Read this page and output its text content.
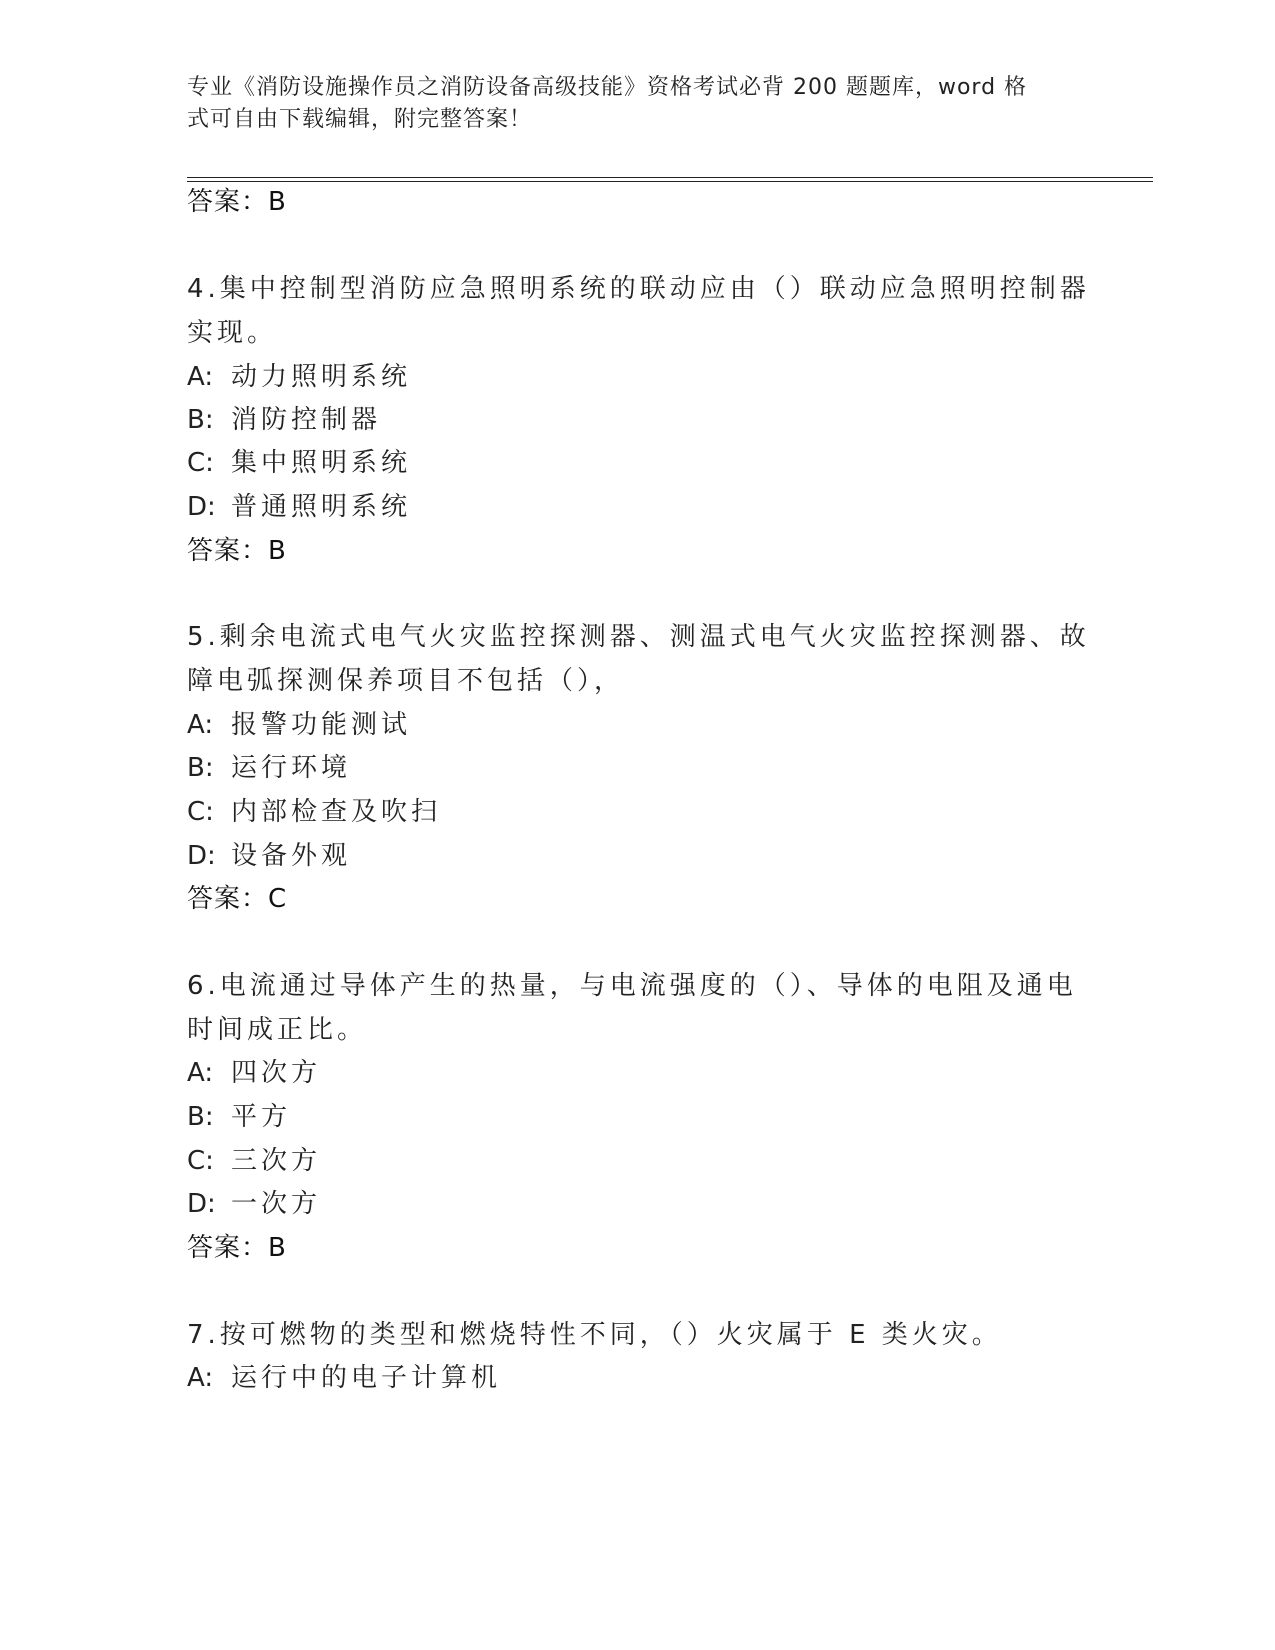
专业《消防设施操作员之消防设备高级技能》资格考试必背 200 题题库，word 格
式可自由下载编辑，附完整答案！
答案：B
4.集中控制型消防应急照明系统的联动应由（）联动应急照明控制器
实现。
A: 动力照明系统
B: 消防控制器
C: 集中照明系统
D: 普通照明系统
答案：B
5.剩余电流式电气火灾监控探测器、测温式电气火灾监控探测器、故
障电弧探测保养项目不包括（），
A: 报警功能测试
B: 运行环境
C: 内部检查及吹扫
D: 设备外观
答案：C
6.电流通过导体产生的热量，与电流强度的（）、导体的电阻及通电
时间成正比。
A: 四次方
B: 平方
C: 三次方
D: 一次方
答案：B
7.按可燃物的类型和燃烧特性不同，（）火灾属于 E 类火灾。
A: 运行中的电子计算机
